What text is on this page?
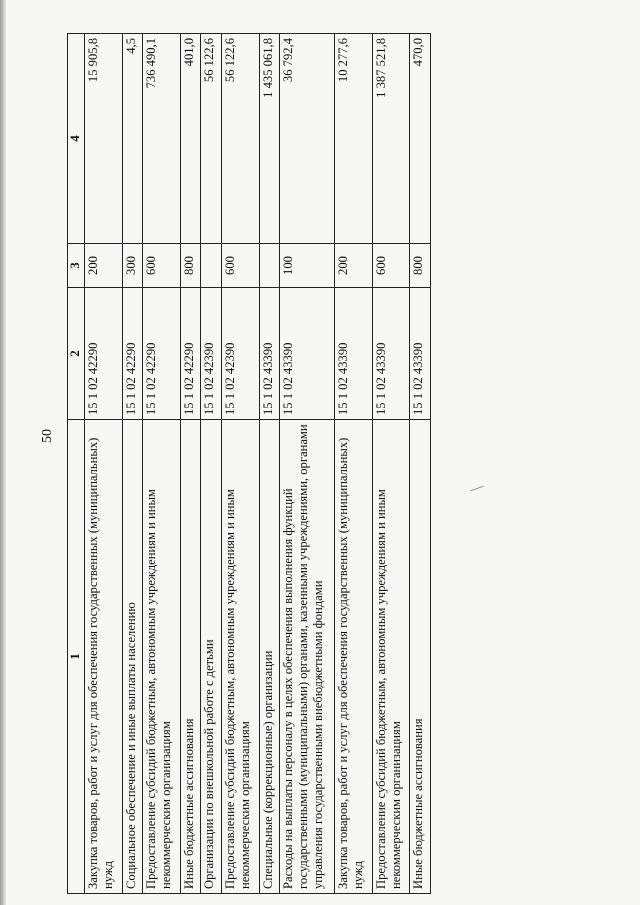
50
1	2	3	4
Закупка товаров, работ и услуг для обеспечения государственных (муниципальных) нужд	15 1 02 42290	200	15 905,8
Социальное обеспечение и иные выплаты населению	15 1 02 42290	300	4,5
Предоставление субсидий бюджетным, автономным учреждениям и иным некоммерческим организациям	15 1 02 42290	600	736 490,1
Иные бюджетные ассигнования	15 1 02 42290	800	401,0
Организации по внешкольной работе с детьми	15 1 02 42390		56 122,6
Предоставление субсидий бюджетным, автономным учреждениям и иным некоммерческим организациям	15 1 02 42390	600	56 122,6
Специальные (коррекционные) организации	15 1 02 43390		1 435 061,8
Расходы на выплаты персоналу в целях обеспечения выполнения функций государственными (муниципальными) органами, казенными учреждениями, органами управления государственными внебюджетными фондами	15 1 02 43390	100	36 792,4
Закупка товаров, работ и услуг для обеспечения государственных (муниципальных) нужд	15 1 02 43390	200	10 277,6
Предоставление субсидий бюджетным, автономным учреждениям и иным некоммерческим организациям	15 1 02 43390	600	1 387 521,8
Иные бюджетные ассигнования	15 1 02 43390	800	470,0
